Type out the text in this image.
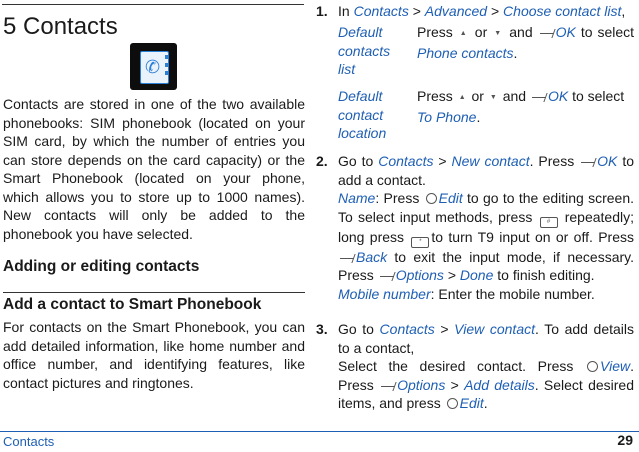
5 Contacts
✆
Contacts are stored in one of the two available phonebooks: SIM phonebook (located on your SIM card, by which the number of entries you can store depends on the card capacity) or the Smart Phonebook (located on your phone, which allows you to store up to 1000 names). New contacts will only be added to the phonebook you have selected.
Adding or editing contacts
Add a contact to Smart Phonebook
For contacts on the Smart Phonebook, you can add detailed information, like home number and office number, and identifying features, like contact pictures and ringtones.
1. In Contacts > Advanced > Choose contact list,
Default contacts list
Press ▲ or ▼ and OK to select Phone contacts.
Default contact location
Press ▲ or ▼ and OK to select
To Phone.
2. Go to Contacts > New contact. Press OK to add a contact.
Name: Press Edit to go to the editing screen. To select input methods, press # repeatedly; long press	* to turn T9 input on or off. Press Back to exit the input mode, if necessary. Press Options > Done to finish editing.
Mobile number: Enter the mobile number.
3. Go to Contacts > View contact. To add details to a contact,
Select the desired contact. Press View. Press Options > Add details. Select desired items, and press Edit.
Contacts	29
